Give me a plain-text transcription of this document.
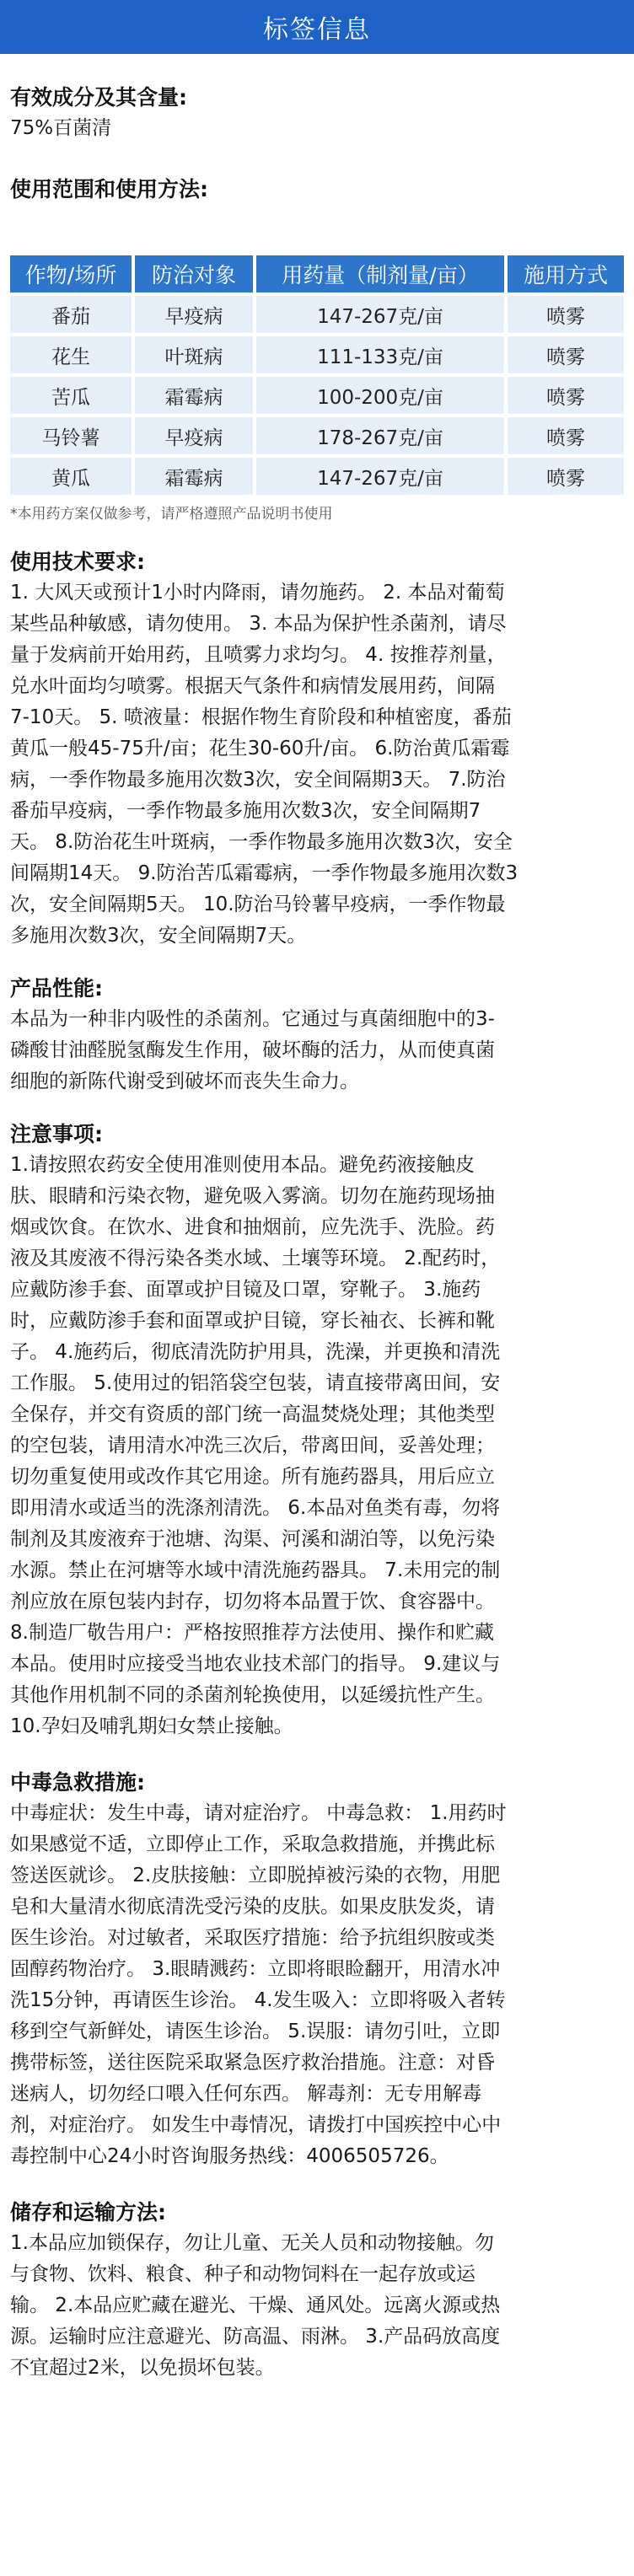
标签信息
有效成分及其含量:
75%百菌清
使用范围和使用方法:
作物/场所	防治对象	用药量（制剂量/亩）	施用方式
番茄	早疫病	147-267克/亩	喷雾
花生	叶斑病	111-133克/亩	喷雾
苦瓜	霜霉病	100-200克/亩	喷雾
马铃薯	早疫病	178-267克/亩	喷雾
黄瓜	霜霉病	147-267克/亩	喷雾
*本用药方案仅做参考，请严格遵照产品说明书使用
使用技术要求:
1. 大风天或预计1小时内降雨，请勿施药。 2. 本品对葡萄
某些品种敏感，请勿使用。 3. 本品为保护性杀菌剂，请尽
量于发病前开始用药，且喷雾力求均匀。 4. 按推荐剂量，
兑水叶面均匀喷雾。根据天气条件和病情发展用药，间隔
7-10天。 5. 喷液量：根据作物生育阶段和种植密度，番茄
黄瓜一般45-75升/亩；花生30-60升/亩。 6.防治黄瓜霜霉
病，一季作物最多施用次数3次，安全间隔期3天。 7.防治
番茄早疫病，一季作物最多施用次数3次，安全间隔期7
天。 8.防治花生叶斑病，一季作物最多施用次数3次，安全
间隔期14天。 9.防治苦瓜霜霉病，一季作物最多施用次数3
次，安全间隔期5天。 10.防治马铃薯早疫病，一季作物最
多施用次数3次，安全间隔期7天。
产品性能:
本品为一种非内吸性的杀菌剂。它通过与真菌细胞中的3-
磷酸甘油醛脱氢酶发生作用，破坏酶的活力，从而使真菌
细胞的新陈代谢受到破坏而丧失生命力。
注意事项:
1.请按照农药安全使用准则使用本品。避免药液接触皮
肤、眼睛和污染衣物，避免吸入雾滴。切勿在施药现场抽
烟或饮食。在饮水、进食和抽烟前，应先洗手、洗脸。药
液及其废液不得污染各类水域、土壤等环境。 2.配药时，
应戴防渗手套、面罩或护目镜及口罩，穿靴子。 3.施药
时，应戴防渗手套和面罩或护目镜，穿长袖衣、长裤和靴
子。 4.施药后，彻底清洗防护用具，洗澡，并更换和清洗
工作服。 5.使用过的铝箔袋空包装，请直接带离田间，安
全保存，并交有资质的部门统一高温焚烧处理；其他类型
的空包装，请用清水冲洗三次后，带离田间，妥善处理；
切勿重复使用或改作其它用途。所有施药器具，用后应立
即用清水或适当的洗涤剂清洗。 6.本品对鱼类有毒，勿将
制剂及其废液弃于池塘、沟渠、河溪和湖泊等，以免污染
水源。禁止在河塘等水域中清洗施药器具。 7.未用完的制
剂应放在原包装内封存，切勿将本品置于饮、食容器中。
8.制造厂敬告用户：严格按照推荐方法使用、操作和贮藏
本品。使用时应接受当地农业技术部门的指导。 9.建议与
其他作用机制不同的杀菌剂轮换使用，以延缓抗性产生。
10.孕妇及哺乳期妇女禁止接触。
中毒急救措施:
中毒症状：发生中毒，请对症治疗。 中毒急救： 1.用药时
如果感觉不适，立即停止工作，采取急救措施，并携此标
签送医就诊。 2.皮肤接触：立即脱掉被污染的衣物，用肥
皂和大量清水彻底清洗受污染的皮肤。如果皮肤发炎，请
医生诊治。对过敏者，采取医疗措施：给予抗组织胺或类
固醇药物治疗。 3.眼睛溅药：立即将眼睑翻开，用清水冲
洗15分钟，再请医生诊治。 4.发生吸入：立即将吸入者转
移到空气新鲜处，请医生诊治。 5.误服：请勿引吐，立即
携带标签，送往医院采取紧急医疗救治措施。注意：对昏
迷病人，切勿经口喂入任何东西。 解毒剂：无专用解毒
剂，对症治疗。 如发生中毒情况，请拨打中国疾控中心中
毒控制中心24小时咨询服务热线：4006505726。
储存和运输方法:
1.本品应加锁保存，勿让儿童、无关人员和动物接触。勿
与食物、饮料、粮食、种子和动物饲料在一起存放或运
输。 2.本品应贮藏在避光、干燥、通风处。远离火源或热
源。运输时应注意避光、防高温、雨淋。 3.产品码放高度
不宜超过2米，以免损坏包装。
